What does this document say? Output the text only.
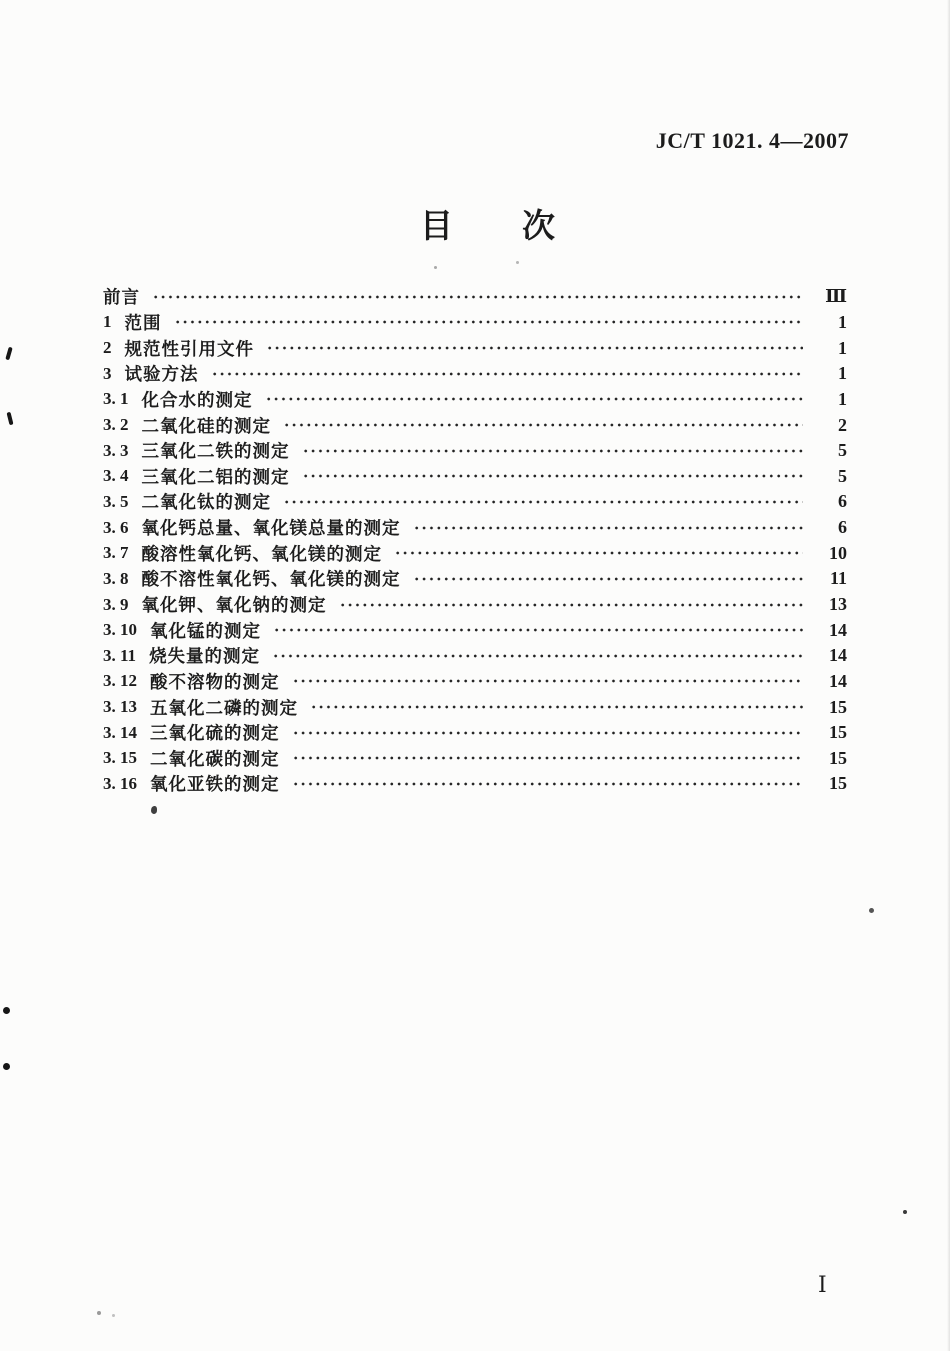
JC/T 1021. 4—2007
目　　次
前言	Ⅲ
1 范围	1
2 规范性引用文件	1
3 试验方法	1
3. 1 化合水的测定	1
3. 2 二氧化硅的测定	2
3. 3 三氧化二铁的测定	5
3. 4 三氧化二铝的测定	5
3. 5 二氧化钛的测定	6
3. 6 氧化钙总量、氧化镁总量的测定	6
3. 7 酸溶性氧化钙、氧化镁的测定	10
3. 8 酸不溶性氧化钙、氧化镁的测定	11
3. 9 氧化钾、氧化钠的测定	13
3. 10 氧化锰的测定	14
3. 11 烧失量的测定	14
3. 12 酸不溶物的测定	14
3. 13 五氧化二磷的测定	15
3. 14 三氧化硫的测定	15
3. 15 二氧化碳的测定	15
3. 16 氧化亚铁的测定	15
Ⅰ
